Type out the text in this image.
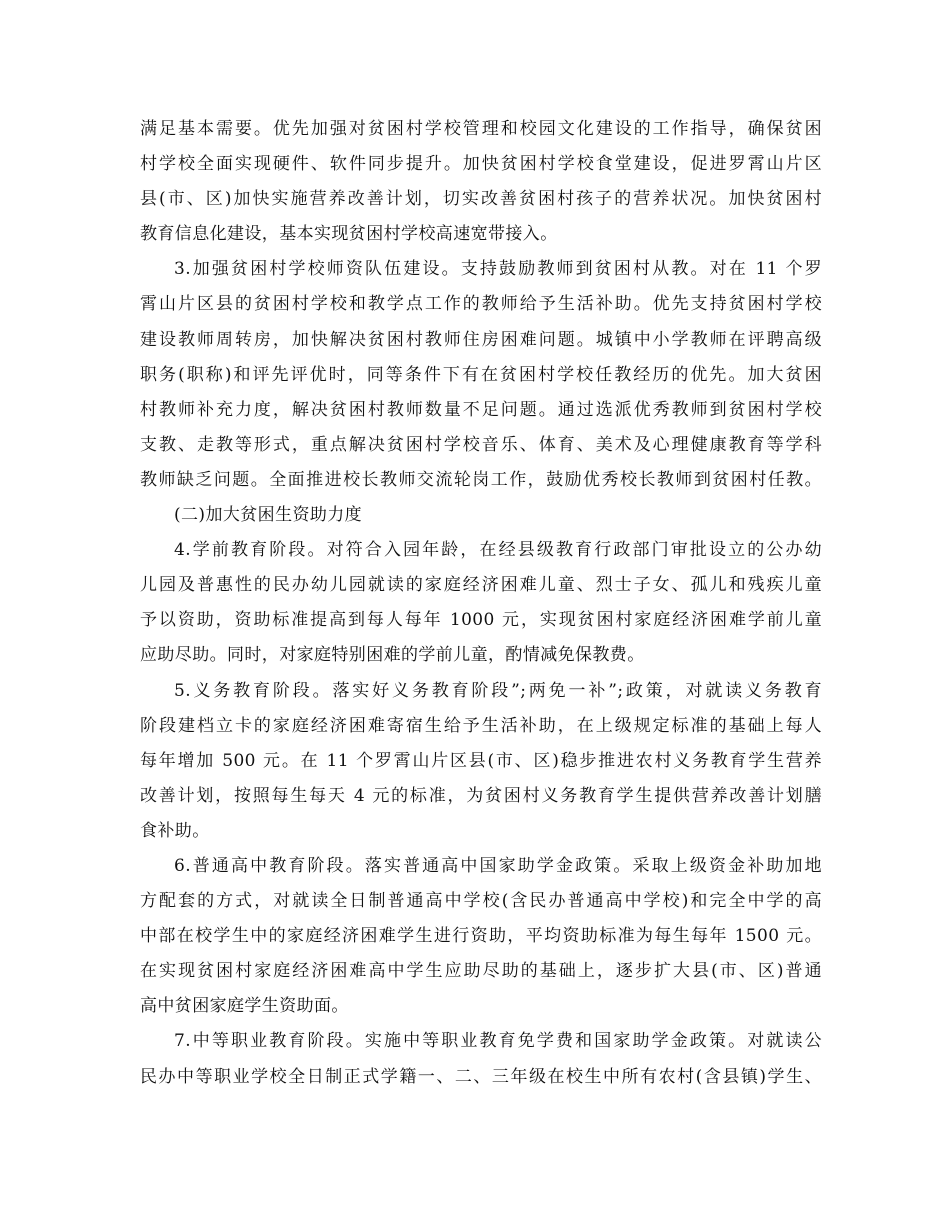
满足基本需要。优先加强对贫困村学校管理和校园文化建设的工作指导，确保贫困
村学校全面实现硬件、软件同步提升。加快贫困村学校食堂建设，促进罗霄山片区
县(市、区)加快实施营养改善计划，切实改善贫困村孩子的营养状况。加快贫困村
教育信息化建设，基本实现贫困村学校高速宽带接入。
3.加强贫困村学校师资队伍建设。支持鼓励教师到贫困村从教。对在 11 个罗
霄山片区县的贫困村学校和教学点工作的教师给予生活补助。优先支持贫困村学校
建设教师周转房，加快解决贫困村教师住房困难问题。城镇中小学教师在评聘高级
职务(职称)和评先评优时，同等条件下有在贫困村学校任教经历的优先。加大贫困
村教师补充力度，解决贫困村教师数量不足问题。通过选派优秀教师到贫困村学校
支教、走教等形式，重点解决贫困村学校音乐、体育、美术及心理健康教育等学科
教师缺乏问题。全面推进校长教师交流轮岗工作，鼓励优秀校长教师到贫困村任教。
(二)加大贫困生资助力度
4.学前教育阶段。对符合入园年龄，在经县级教育行政部门审批设立的公办幼
儿园及普惠性的民办幼儿园就读的家庭经济困难儿童、烈士子女、孤儿和残疾儿童
予以资助，资助标准提高到每人每年 1000 元，实现贫困村家庭经济困难学前儿童
应助尽助。同时，对家庭特别困难的学前儿童，酌情减免保教费。
5.义务教育阶段。落实好义务教育阶段”;两免一补”;政策，对就读义务教育
阶段建档立卡的家庭经济困难寄宿生给予生活补助，在上级规定标准的基础上每人
每年增加 500 元。在 11 个罗霄山片区县(市、区)稳步推进农村义务教育学生营养
改善计划，按照每生每天 4 元的标准，为贫困村义务教育学生提供营养改善计划膳
食补助。
6.普通高中教育阶段。落实普通高中国家助学金政策。采取上级资金补助加地
方配套的方式，对就读全日制普通高中学校(含民办普通高中学校)和完全中学的高
中部在校学生中的家庭经济困难学生进行资助，平均资助标准为每生每年 1500 元。
在实现贫困村家庭经济困难高中学生应助尽助的基础上，逐步扩大县(市、区)普通
高中贫困家庭学生资助面。
7.中等职业教育阶段。实施中等职业教育免学费和国家助学金政策。对就读公
民办中等职业学校全日制正式学籍一、二、三年级在校生中所有农村(含县镇)学生、
